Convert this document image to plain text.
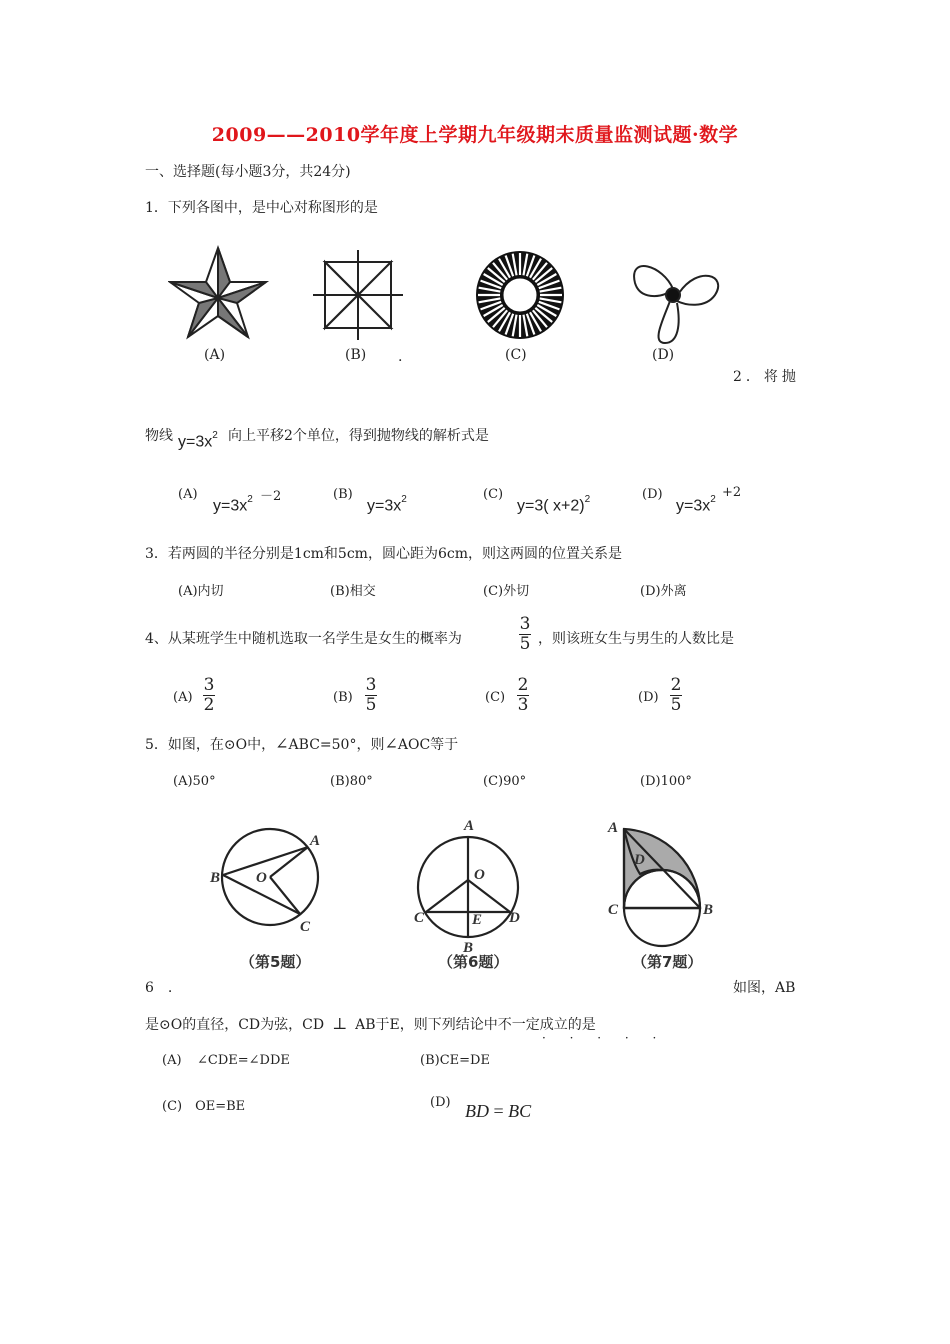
2009——2010学年度上学期九年级期末质量监测试题·数学
一、选择题(每小题3分，共24分)
1．下列各图中，是中心对称图形的是
(A)	(B) .	(C)	(D)
2．将抛
物线 $y=3x^2$ 向上平移2个单位，得到抛物线的解析式是
(A)
$y=3x^2 -2$	(B)
$y=3x^2$	(C)
y=3( x+2)$^2$	(D)
$y=3x^2 +2$
3．若两圆的半径分别是1cm和5cm，圆心距为6cm，则这两圆的位置关系是
(A)内切	(B)相交	(C)外切	(D)外离
4、从某班学生中随机选取一名学生是女生的概率为	$\frac{3}{5}$ ，则该班女生与男生的人数比是
$(A) \frac{3}{2}$	$(B) \frac{3}{5}$	$(C) \frac{2}{3}$	$(D) \frac{2}{5}$
5．如图，在⊙O中，∠ABC=50°，则∠AOC等于
(A)50°	(B)80°	(C)90°	(D)100°
A
B O
C
（第5题）
A
O
C	E D
B
（第6题）
A
D
C	B
（第7题）
6　.	如图，AB
是⊙O的直径，CD为弦，CD ⊥ AB于E，则下列结论中不一定成立的是
· · · · ·
(A) ∠CDE=∠DDE	(B)CE=DE
(C)　OE=BE	(D) BD = BC
